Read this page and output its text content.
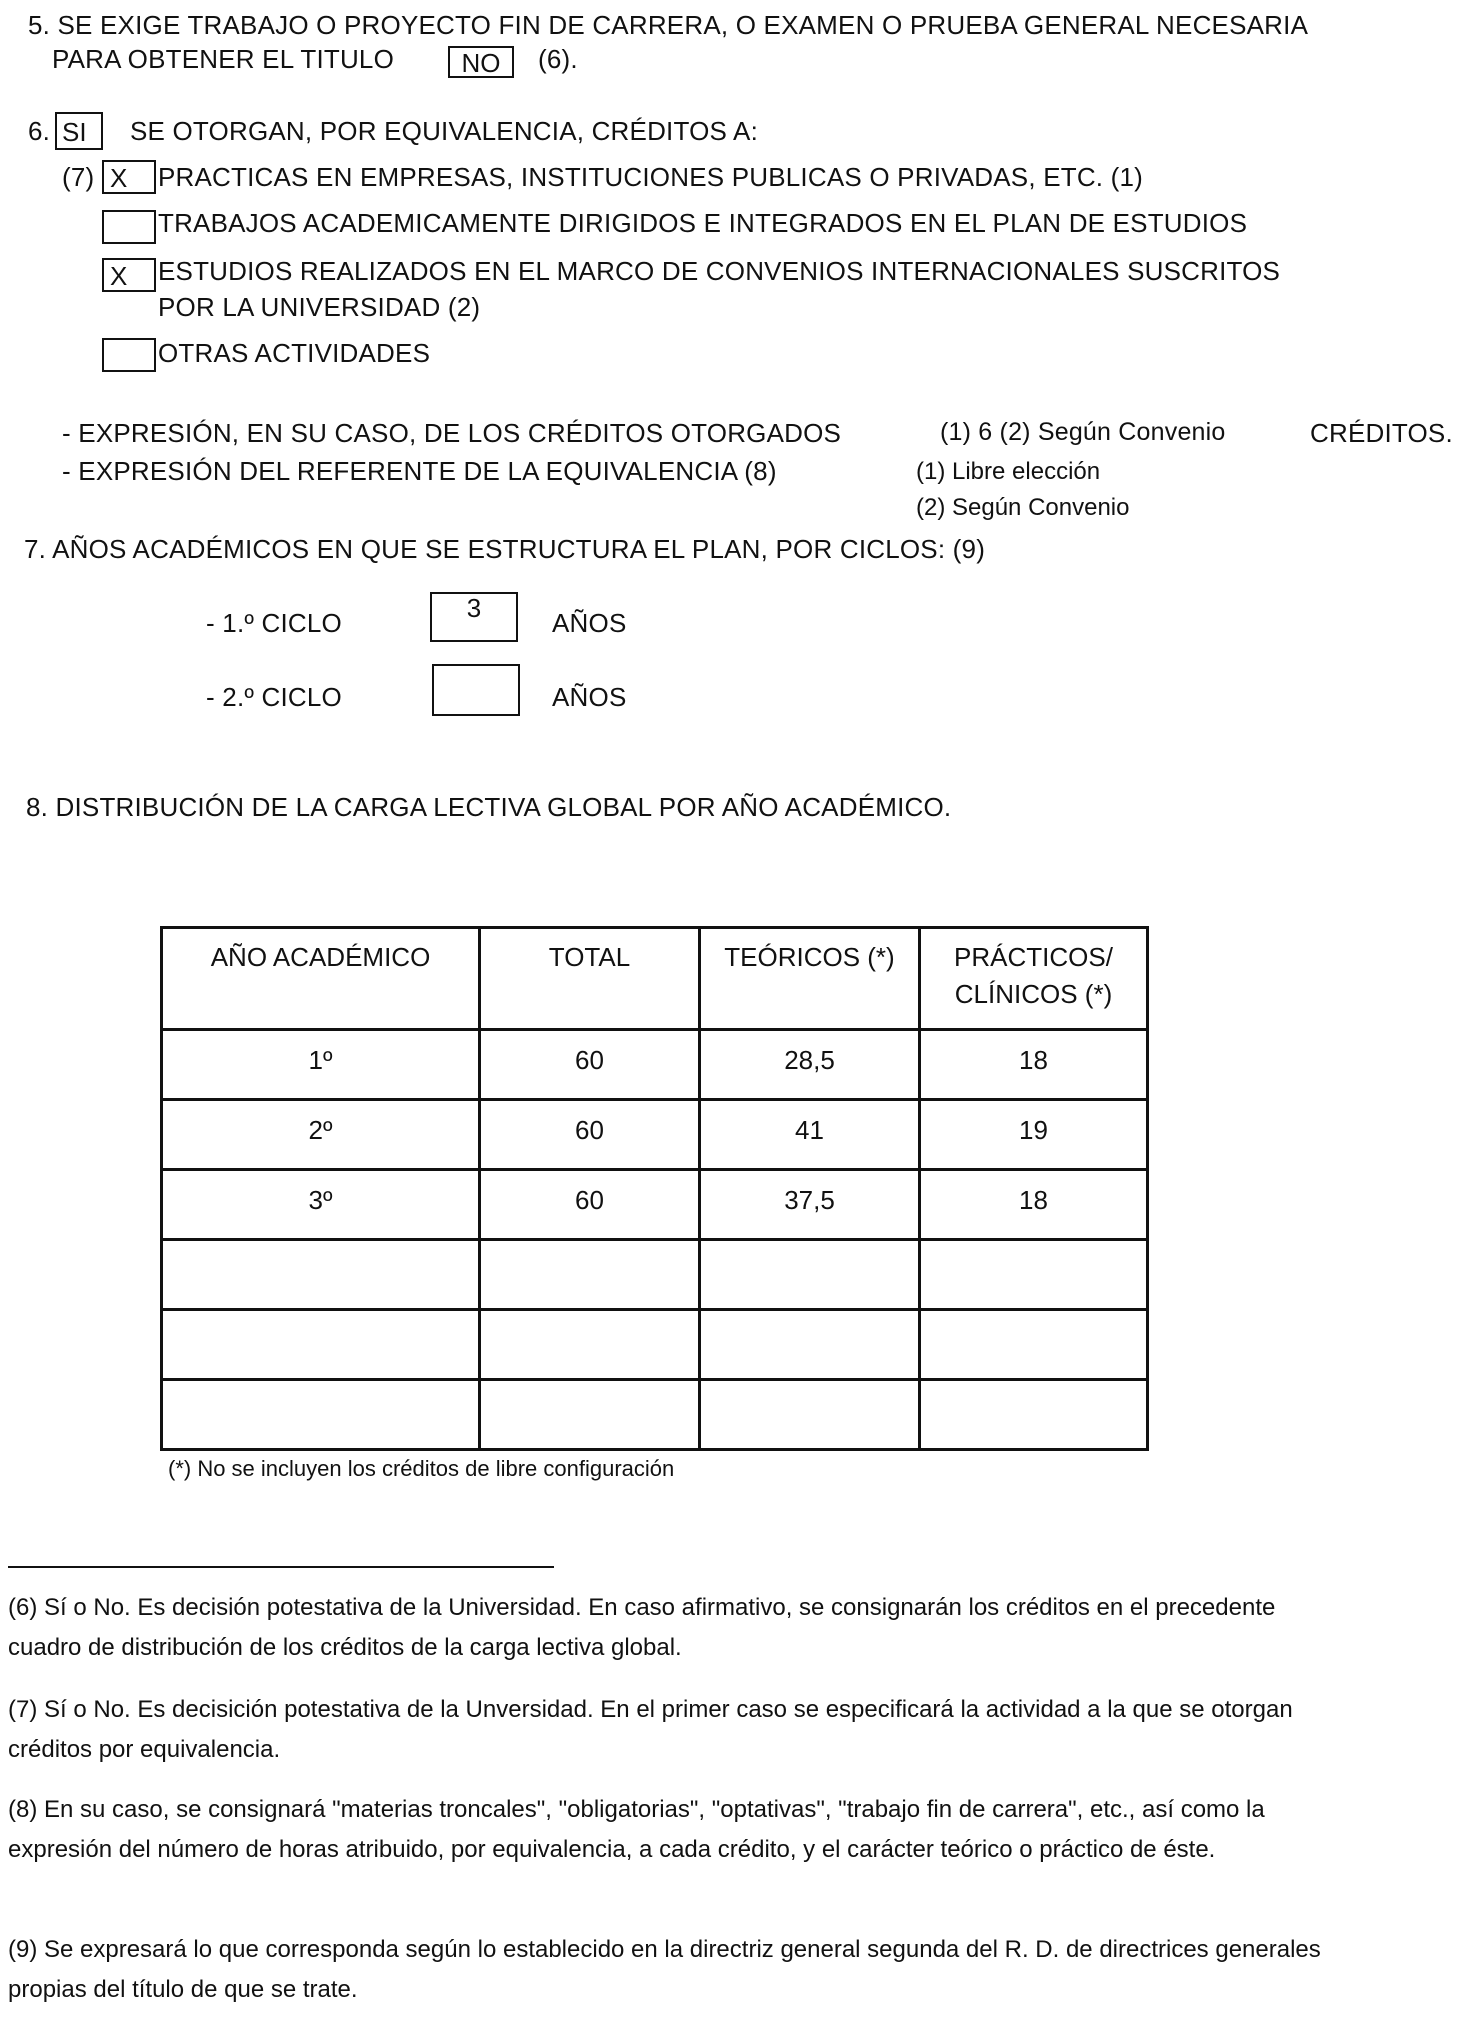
5. SE EXIGE TRABAJO O PROYECTO FIN DE CARRERA, O EXAMEN O PRUEBA GENERAL NECESARIA
PARA OBTENER EL TITULO	NO	(6).
6. SI	SE OTORGAN, POR EQUIVALENCIA, CRÉDITOS A:
(7) X	PRACTICAS EN EMPRESAS, INSTITUCIONES PUBLICAS O PRIVADAS, ETC. (1)
TRABAJOS ACADEMICAMENTE DIRIGIDOS E INTEGRADOS EN EL PLAN DE ESTUDIOS
X	ESTUDIOS REALIZADOS EN EL MARCO DE CONVENIOS INTERNACIONALES SUSCRITOS
POR LA UNIVERSIDAD (2)
OTRAS ACTIVIDADES
- EXPRESIÓN, EN SU CASO, DE LOS CRÉDITOS OTORGADOS	(1) 6 (2) Según Convenio	CRÉDITOS.
- EXPRESIÓN DEL REFERENTE DE LA EQUIVALENCIA (8)	(1) Libre elección
(2) Según Convenio
7. AÑOS ACADÉMICOS EN QUE SE ESTRUCTURA EL PLAN, POR CICLOS: (9)
- 1.º CICLO	3	AÑOS
- 2.º CICLO	AÑOS
8. DISTRIBUCIÓN DE LA CARGA LECTIVA GLOBAL POR AÑO ACADÉMICO.
AÑO ACADÉMICO	TOTAL	TEÓRICOS (*)	PRÁCTICOS/
CLÍNICOS (*)
1º	60	28,5	18
2º	60	41	19
3º	60	37,5	18

(*) No se incluyen los créditos de libre configuración
(6) Sí o No. Es decisión potestativa de la Universidad. En caso afirmativo, se consignarán los créditos en el precedente cuadro de distribución de los créditos de la carga lectiva global.
(7) Sí o No. Es decisición potestativa de la Unversidad. En el primer caso se especificará la actividad a la que se otorgan créditos por equivalencia.
(8) En su caso, se consignará "materias troncales", "obligatorias", "optativas", "trabajo fin de carrera", etc., así como la expresión del número de horas atribuido, por equivalencia, a cada crédito, y el carácter teórico o práctico de éste.
(9) Se expresará lo que corresponda según lo establecido en la directriz general segunda del R. D. de directrices generales propias del título de que se trate.
